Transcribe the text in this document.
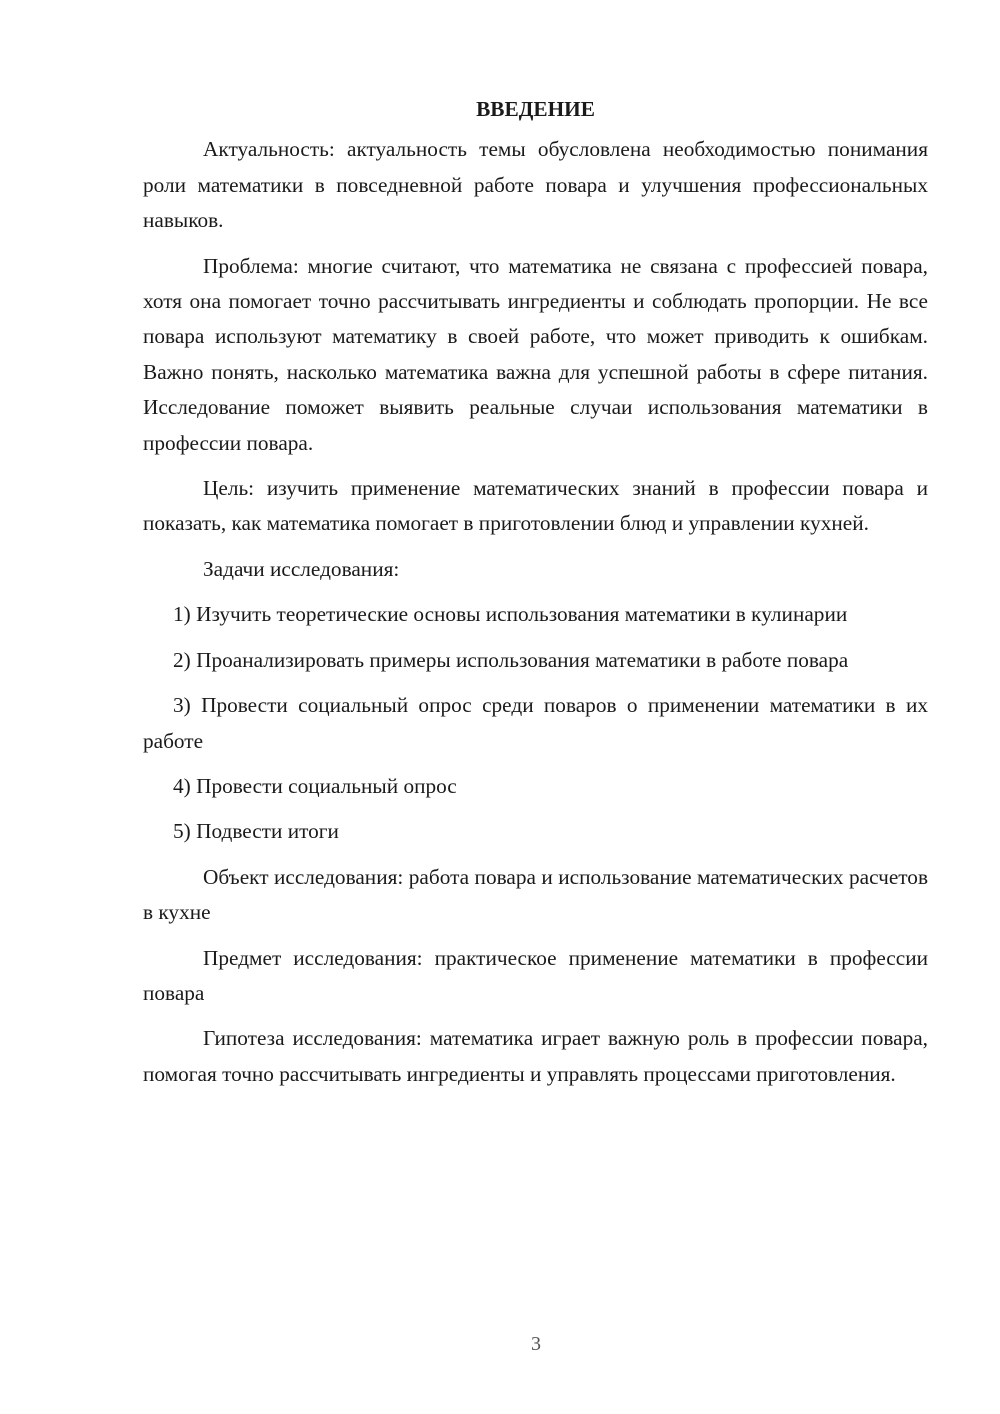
ВВЕДЕНИЕ

Актуальность: актуальность темы обусловлена необходимостью понимания роли математики в повседневной работе повара и улучшения профессиональных навыков.

Проблема: многие считают, что математика не связана с профессией повара, хотя она помогает точно рассчитывать ингредиенты и соблюдать пропорции. Не все повара используют математику в своей работе, что может приводить к ошибкам. Важно понять, насколько математика важна для успешной работы в сфере питания. Исследование поможет выявить реальные случаи использования математики в профессии повара.

Цель: изучить применение математических знаний в профессии повара и показать, как математика помогает в приготовлении блюд и управлении кухней.

Задачи исследования:

1) Изучить теоретические основы использования математики в кулинарии

2) Проанализировать примеры использования математики в работе повара

3) Провести социальный опрос среди поваров о применении математики в их работе

4) Провести социальный опрос

5) Подвести итоги

Объект исследования: работа повара и использование математических расчетов в кухне

Предмет исследования: практическое применение математики в профессии повара

Гипотеза исследования: математика играет важную роль в профессии повара, помогая точно рассчитывать ингредиенты и управлять процессами приготовления.

3
